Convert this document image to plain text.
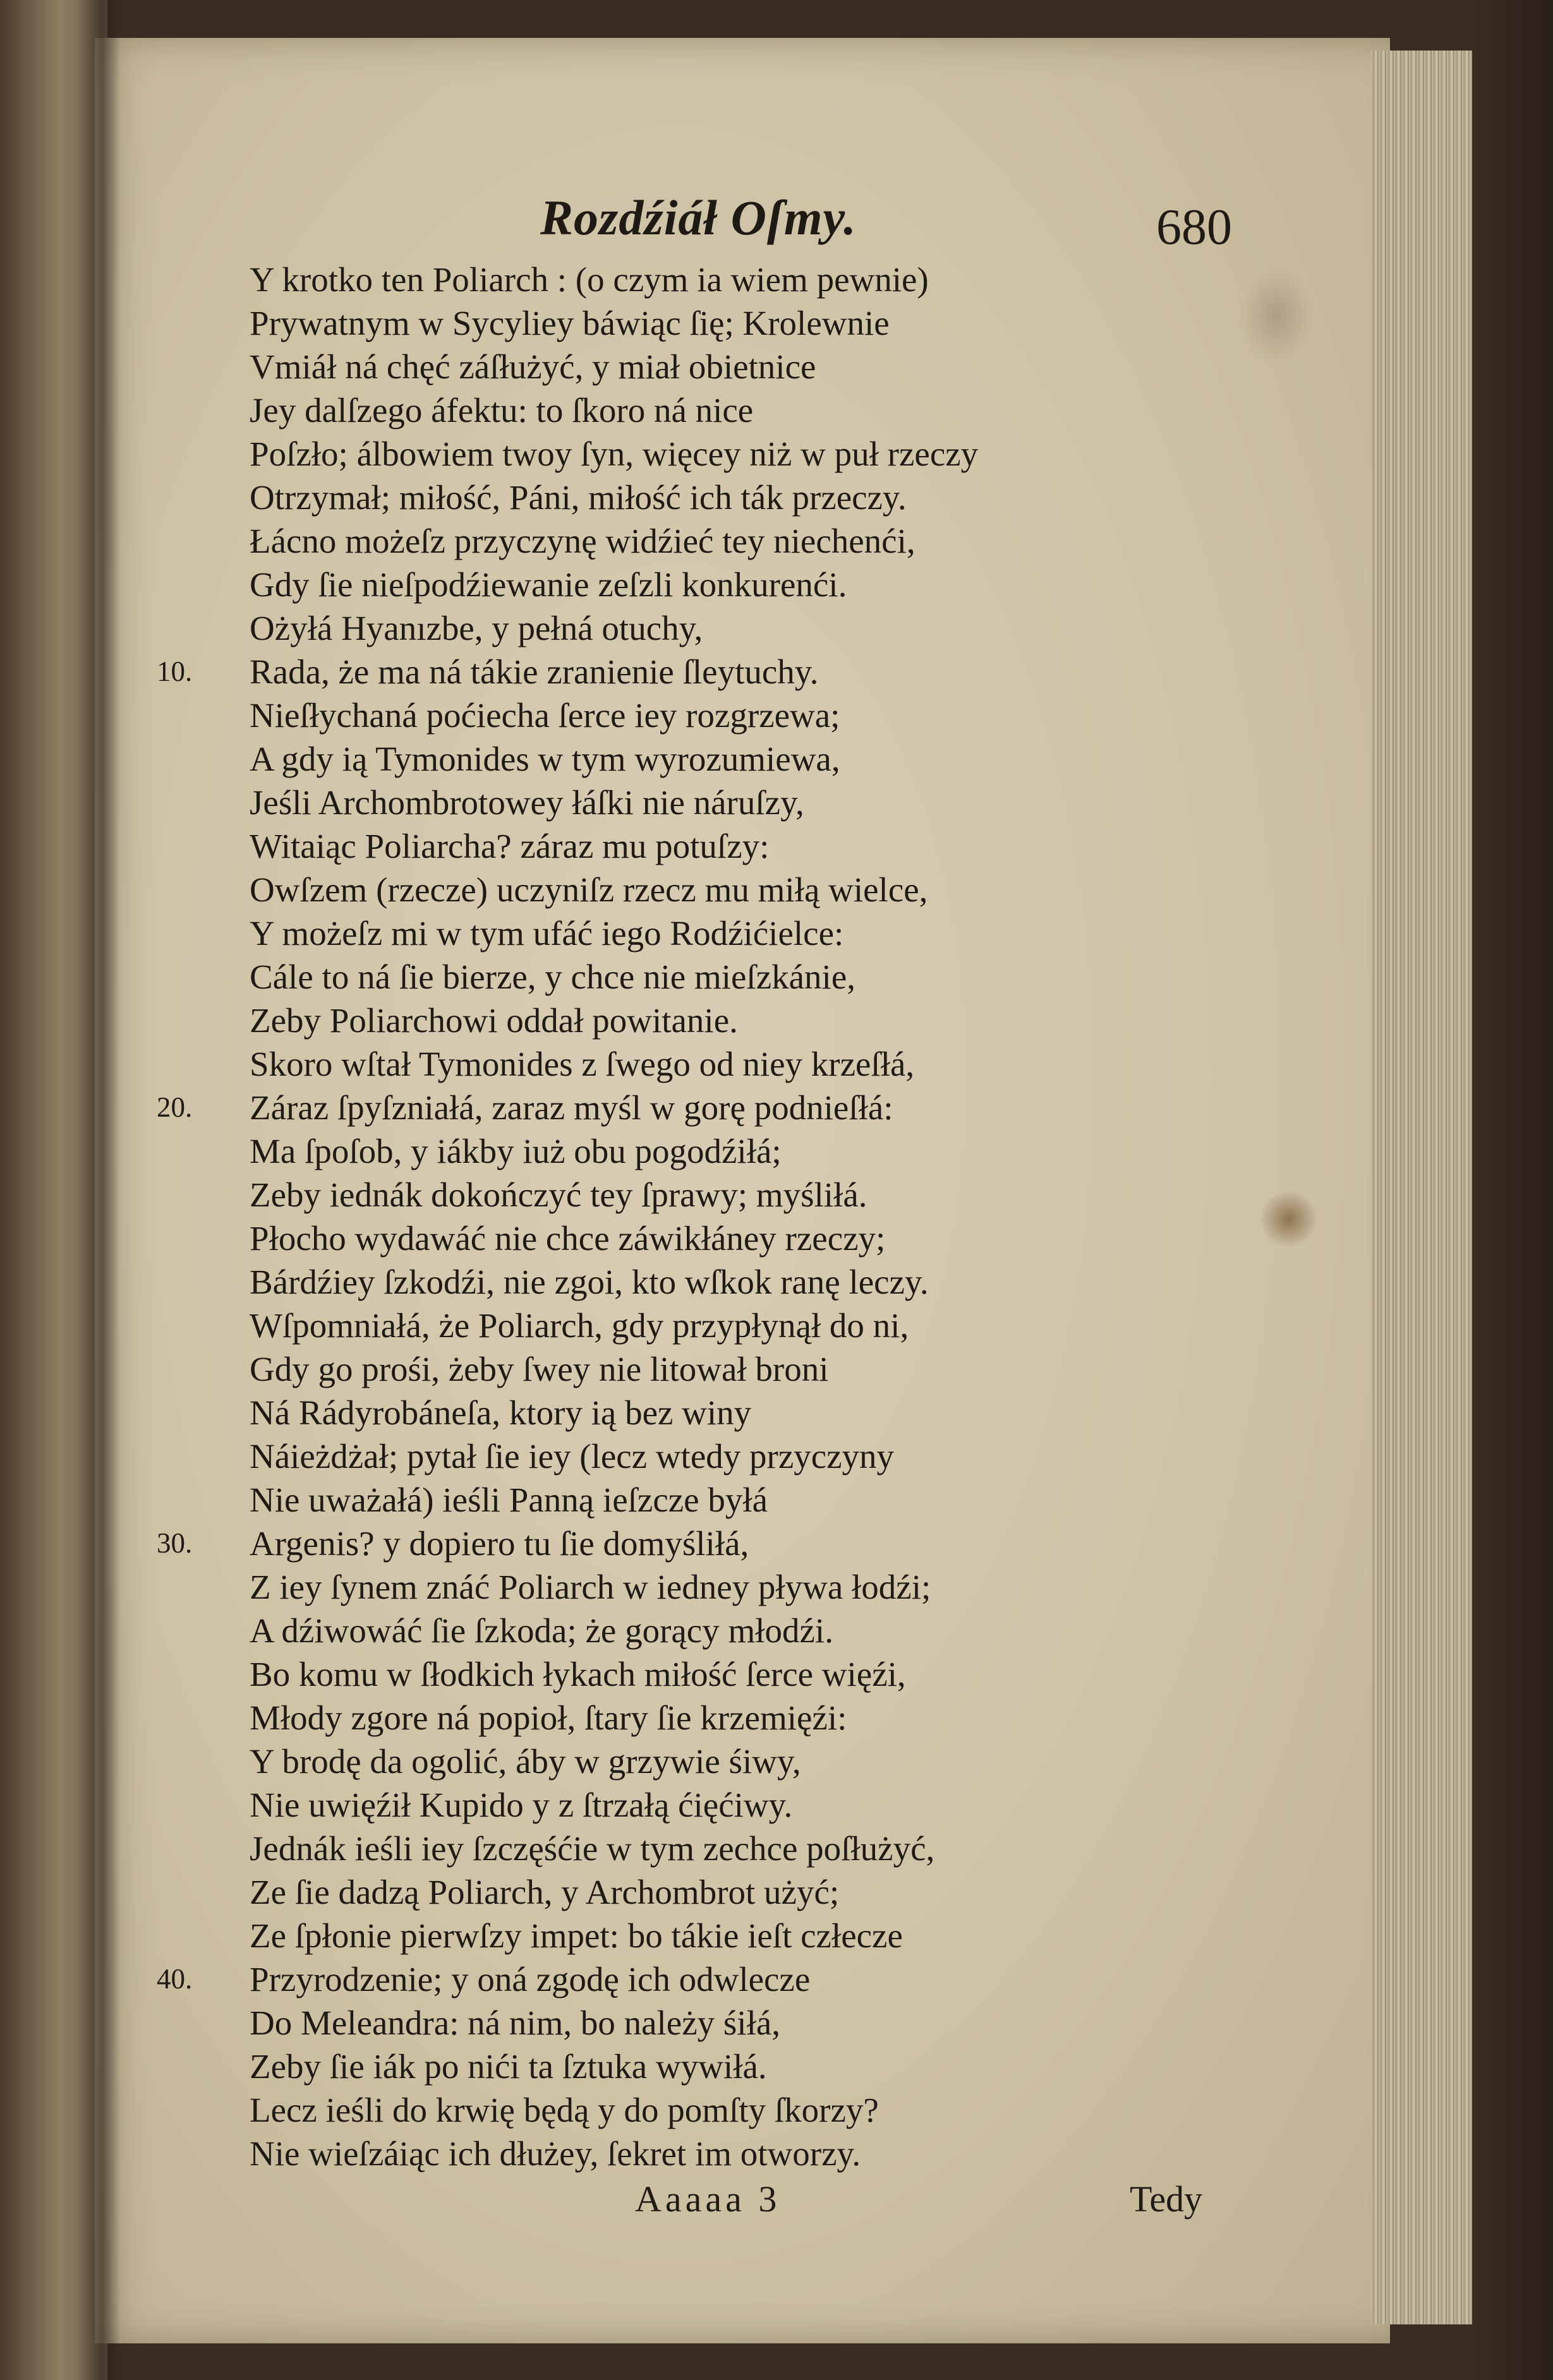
Rozdźiáł Oſmy.	680
Y krotko ten Poliarch : (o czym ia wiem pewnie)
Prywatnym w Sycyliey báwiąc ſię; Krolewnie
Vmiáł ná chęć záſłużyć, y miał obietnice
Jey dalſzego áfektu: to ſkoro ná nice
Poſzło; álbowiem twoy ſyn, więcey niż w puł rzeczy
Otrzymał; miłość, Páni, miłość ich ták przeczy.
Łácno możeſz przyczynę widźieć tey niechenći,
Gdy ſie nieſpodźiewanie zeſzli konkurenći.
Ożyłá Hyanızbe, y pełná otuchy,
Rada, że ma ná tákie zranienie ſleytuchy.
Nieſłychaná poćiecha ſerce iey rozgrzewa;
A gdy ią Tymonides w tym wyrozumiewa,
Jeśli Archombrotowey łáſki nie náruſzy,
Witaiąc Poliarcha? záraz mu potuſzy:
Owſzem (rzecze) uczyniſz rzecz mu miłą wielce,
Y możeſz mi w tym ufáć iego Rodźićielce:
Cále to ná ſie bierze, y chce nie mieſzkánie,
Zeby Poliarchowi oddał powitanie.
Skoro wſtał Tymonides z ſwego od niey krzeſłá,
Záraz ſpyſzniałá, zaraz myśl w gorę podnieſłá:
Ma ſpoſob, y iákby iuż obu pogodźiłá;
Zeby iednák dokończyć tey ſprawy; myśliłá.
Płocho wydawáć nie chce záwikłáney rzeczy;
Bárdźiey ſzkodźi, nie zgoi, kto wſkok ranę leczy.
Wſpomniałá, że Poliarch, gdy przypłynął do ni,
Gdy go prośi, żeby ſwey nie litował broni
Ná Rádyrobáneſa, ktory ią bez winy
Náieżdżał; pytał ſie iey (lecz wtedy przyczyny
Nie uważałá) ieśli Panną ieſzcze byłá
Argenis? y dopiero tu ſie domyśliłá,
Z iey ſynem znáć Poliarch w iedney pływa łodźi;
A dźiwowáć ſie ſzkoda; że gorący młodźi.
Bo komu w ſłodkich łykach miłość ſerce więźi,
Młody zgore ná popioł, ſtary ſie krzemięźi:
Y brodę da ogolić, áby w grzywie śiwy,
Nie uwięźił Kupido y z ſtrzałą ćięćiwy.
Jednák ieśli iey ſzczęśćie w tym zechce poſłużyć,
Ze ſie dadzą Poliarch, y Archombrot użyć;
Ze ſpłonie pierwſzy impet: bo tákie ieſt człecze
Przyrodzenie; y oná zgodę ich odwlecze
Do Meleandra: ná nim, bo należy śiłá,
Zeby ſie iák po nići ta ſztuka wywiłá.
Lecz ieśli do krwię będą y do pomſty ſkorzy?
Nie wieſzáiąc ich dłużey, ſekret im otworzy.
10.
20.
30.
40.
Aaaaa 3	Tedy
